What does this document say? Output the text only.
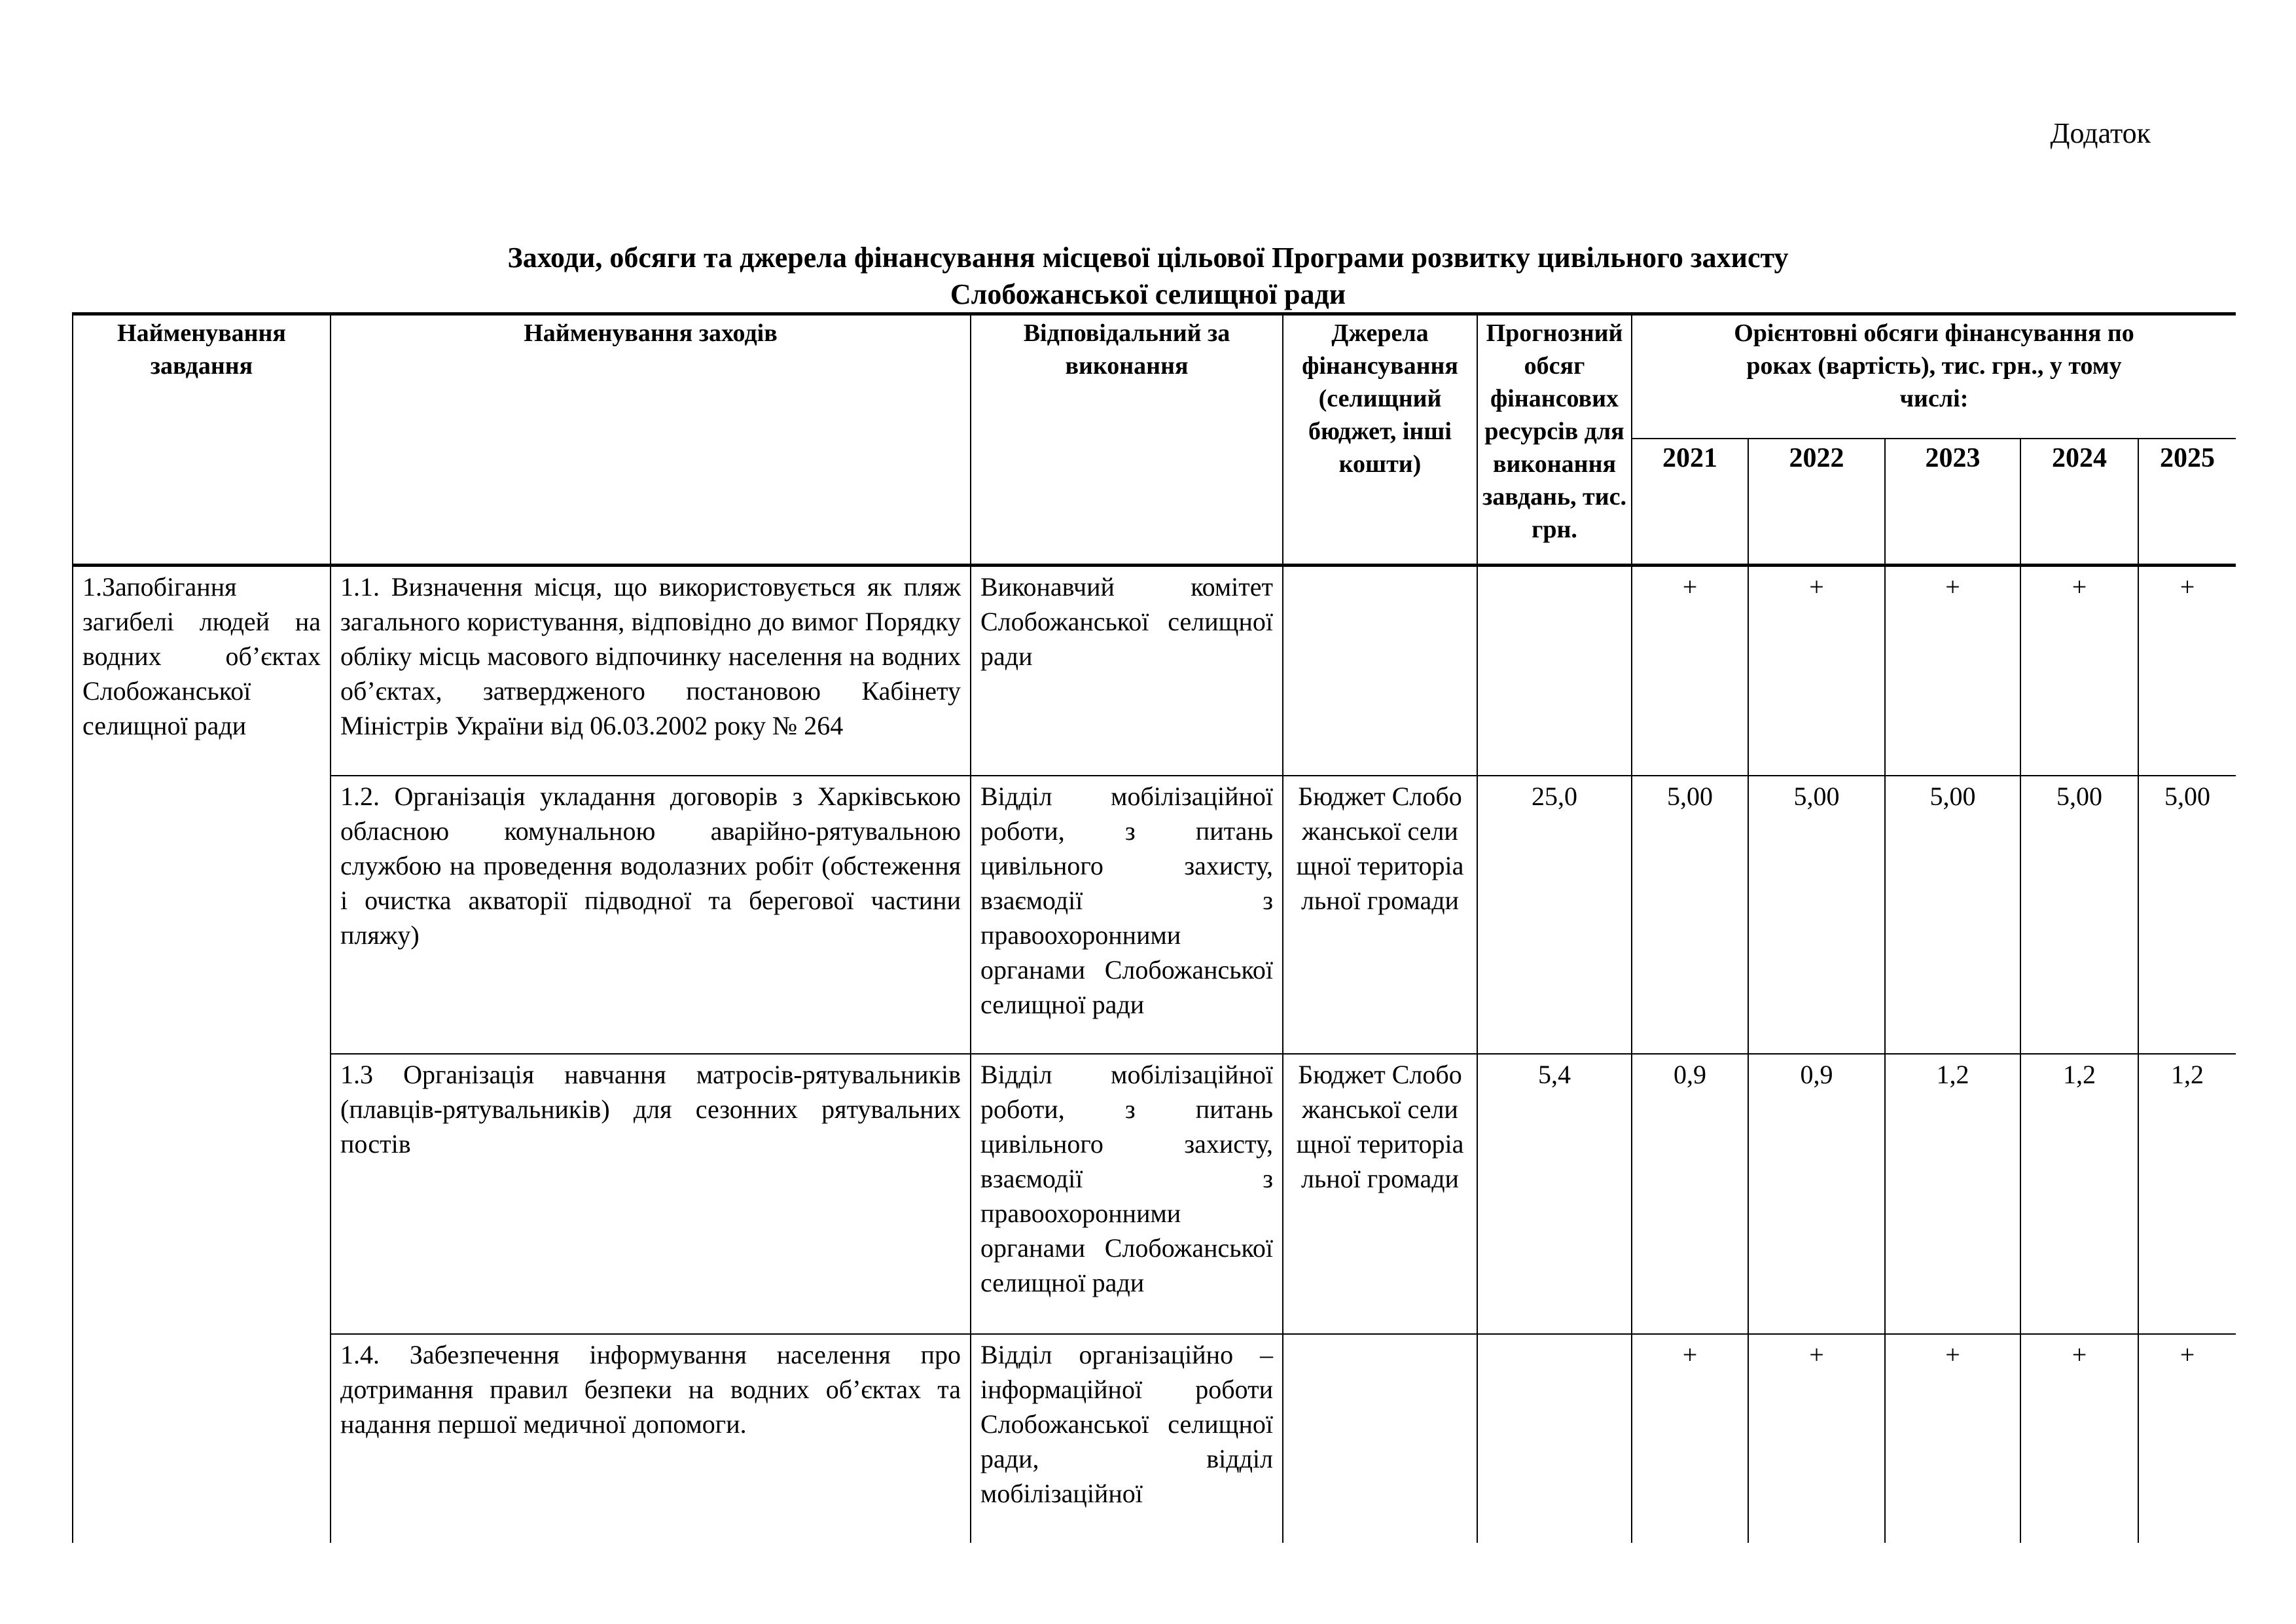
Додаток
Заходи, обсяги та джерела фінансування місцевої цільової Програми розвитку цивільного захисту
Слобожанської селищної ради
Найменування завдання	Найменування заходів	Відповідальний за виконання	Джерела фінансування (селищний бюджет, інші кошти)	Прогнозний обсяг фінансових ресурсів для виконання завдань, тис. грн.	Орієнтовні обсяги фінансування по роках (вартість), тис. грн., у тому числі:				
					2021	2022	2023	2024	2025
1.Запобігання загибелі людей на водних об’єктах Слобожанської селищної ради	1.1. Визначення місця, що використовується як пляж загального користування, відповідно до вимог Порядку обліку місць масового відпочинку населення на водних об’єктах, затвердженого постановою Кабінету Міністрів України від 06.03.2002 року № 264	Виконавчий комітет Слобожанської селищної ради			+	+	+	+	+
	1.2. Організація укладання договорів з Харківською обласною комунальною аварійно-рятувальною службою на проведення водолазних робіт (обстеження і очистка акваторії підводної та берегової частини пляжу)	Відділ мобілізаційної роботи, з питань цивільного захисту, взаємодії з правоохоронними органами Слобожанської селищної ради	Бюджет Слобожанської селищної територіальної громади	25,0	5,00	5,00	5,00	5,00	5,00
	1.3 Організація навчання матросів-рятувальників (плавців-рятувальників) для сезонних рятувальних постів	Відділ мобілізаційної роботи, з питань цивільного захисту, взаємодії з правоохоронними органами Слобожанської селищної ради	Бюджет Слобожанської селищної територіальної громади	5,4	0,9	0,9	1,2	1,2	1,2
	1.4. Забезпечення інформування населення про дотримання правил безпеки на водних об’єктах та надання першої медичної допомоги.	Відділ організаційно – інформаційної роботи Слобожанської селищної ради, відділ мобілізаційної			+	+	+	+	+
